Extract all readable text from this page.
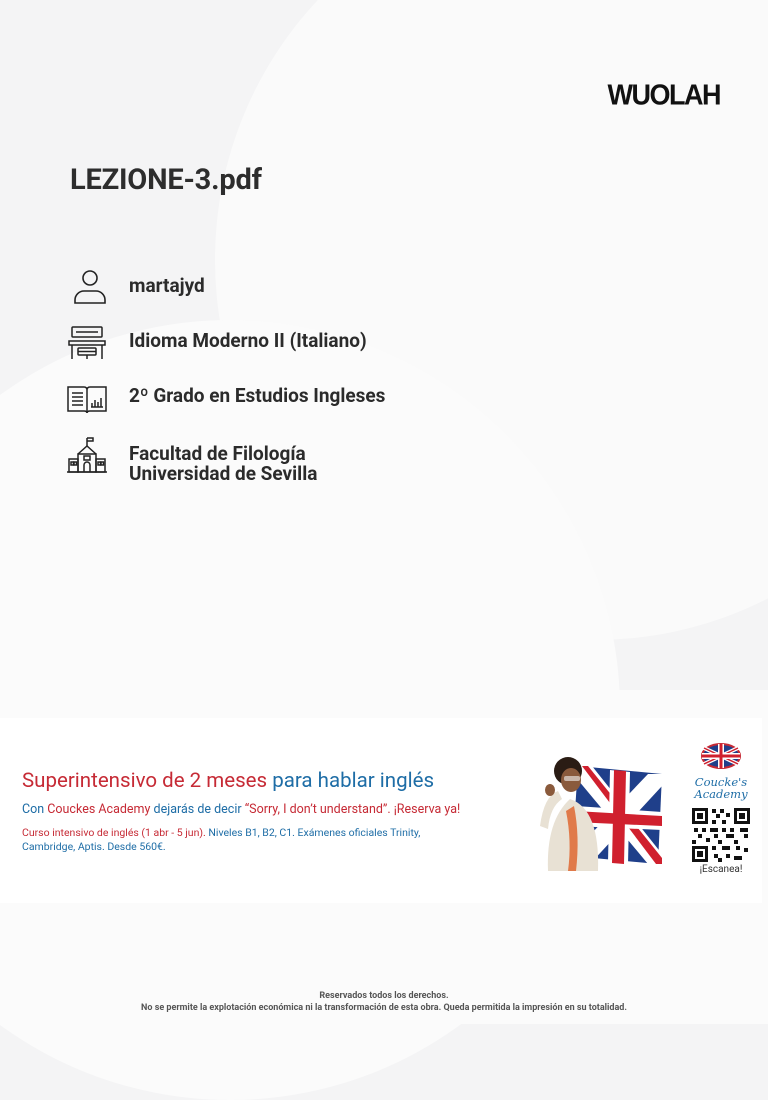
WUOLAH
LEZIONE-3.pdf
martajyd
Idioma Moderno II (Italiano)
2º Grado en Estudios Ingleses
Facultad de Filología
Universidad de Sevilla
Superintensivo de 2 meses para hablar inglés
Con Couckes Academy dejarás de decir “Sorry, I don’t understand”. ¡Reserva ya!
Curso intensivo de inglés (1 abr - 5 jun). Niveles B1, B2, C1. Exámenes oficiales Trinity,
Cambridge, Aptis. Desde 560€.
Coucke's
Academy
¡Escanea!
Reservados todos los derechos.
No se permite la explotación económica ni la transformación de esta obra. Queda permitida la impresión en su totalidad.
